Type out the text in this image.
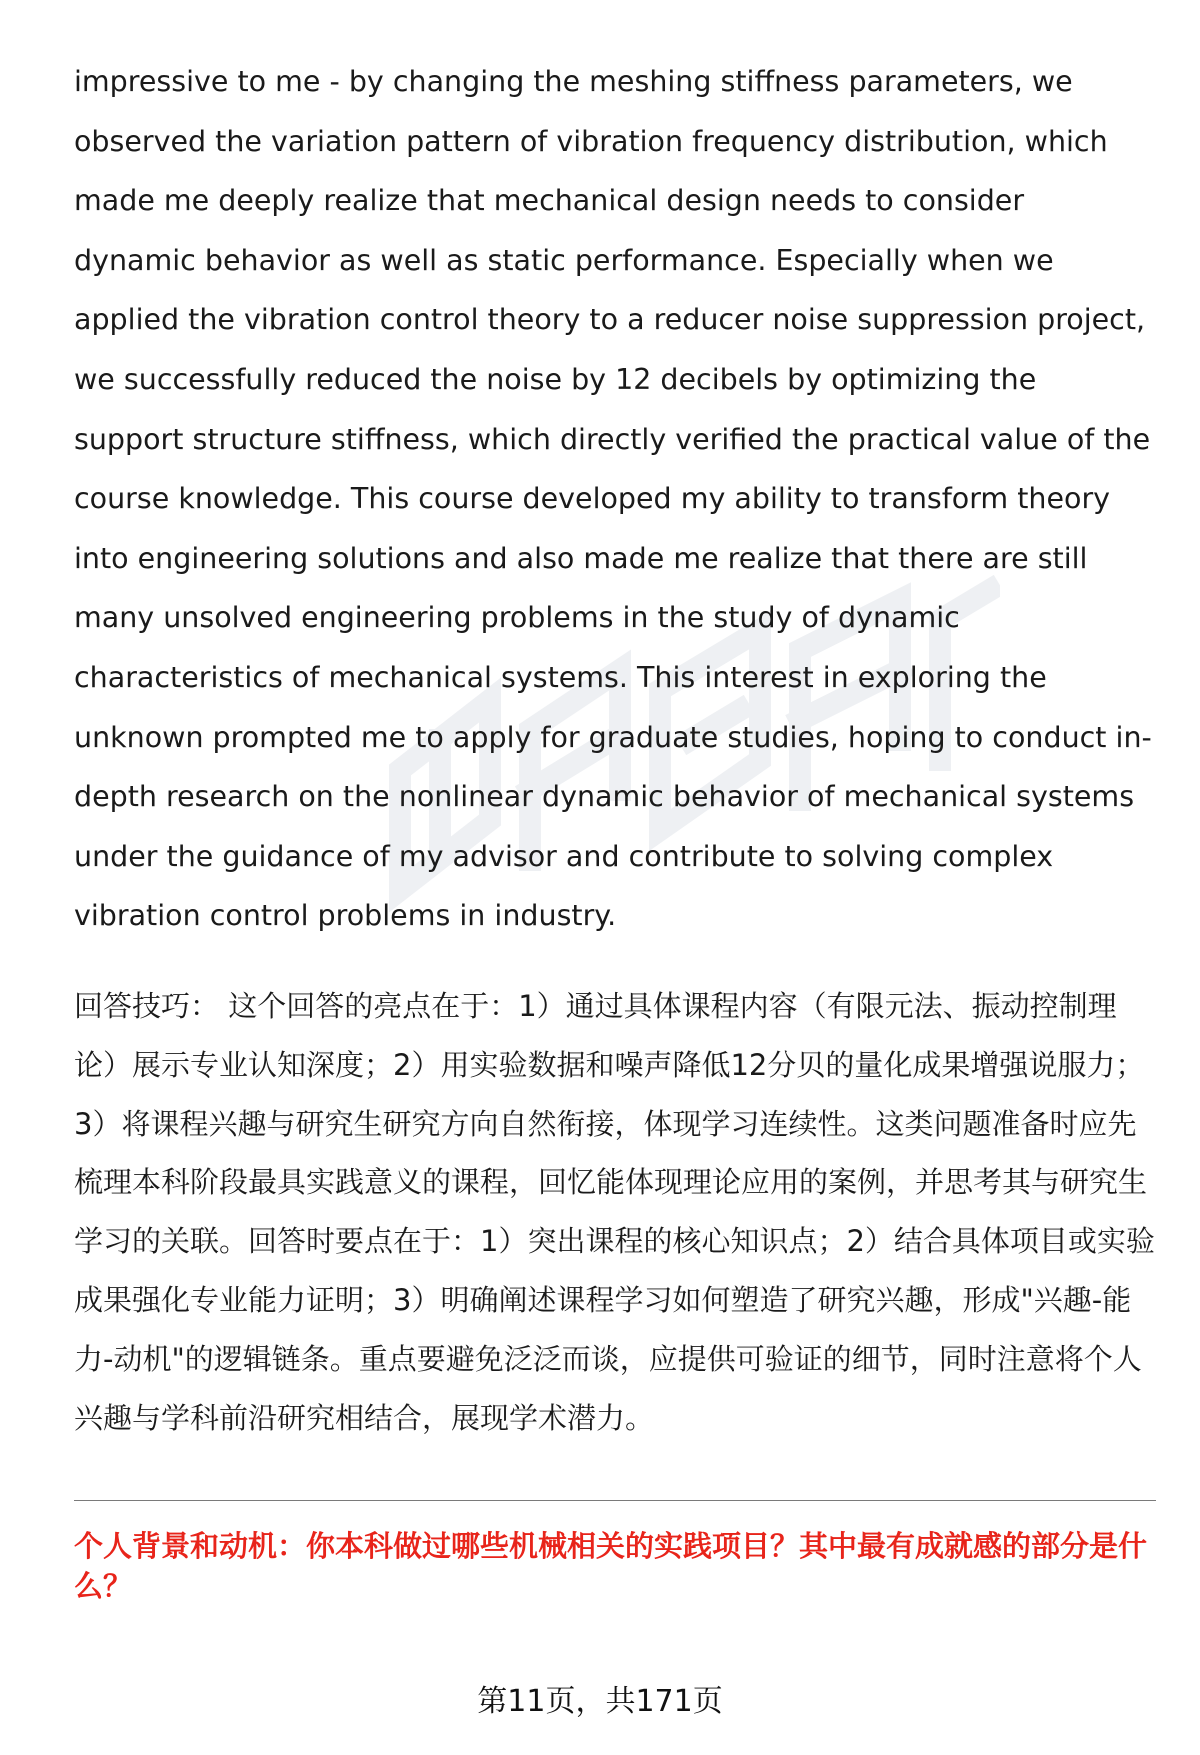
impressive to me - by changing the meshing stiffness parameters, we observed the variation pattern of vibration frequency distribution, which made me deeply realize that mechanical design needs to consider dynamic behavior as well as static performance. Especially when we applied the vibration control theory to a reducer noise suppression project, we successfully reduced the noise by 12 decibels by optimizing the support structure stiffness, which directly verified the practical value of the course knowledge. This course developed my ability to transform theory into engineering solutions and also made me realize that there are still many unsolved engineering problems in the study of dynamic characteristics of mechanical systems. This interest in exploring the unknown prompted me to apply for graduate studies, hoping to conduct in-depth research on the nonlinear dynamic behavior of mechanical systems under the guidance of my advisor and contribute to solving complex vibration control problems in industry.

回答技巧： 这个回答的亮点在于：1）通过具体课程内容（有限元法、振动控制理论）展示专业认知深度；2）用实验数据和噪声降低12分贝的量化成果增强说服力；3）将课程兴趣与研究生研究方向自然衔接，体现学习连续性。这类问题准备时应先梳理本科阶段最具实践意义的课程，回忆能体现理论应用的案例，并思考其与研究生学习的关联。回答时要点在于：1）突出课程的核心知识点；2）结合具体项目或实验成果强化专业能力证明；3）明确阐述课程学习如何塑造了研究兴趣，形成"兴趣-能力-动机"的逻辑链条。重点要避免泛泛而谈，应提供可验证的细节，同时注意将个人兴趣与学科前沿研究相结合，展现学术潜力。

个人背景和动机：你本科做过哪些机械相关的实践项目？其中最有成就感的部分是什么？

第11页，共171页
